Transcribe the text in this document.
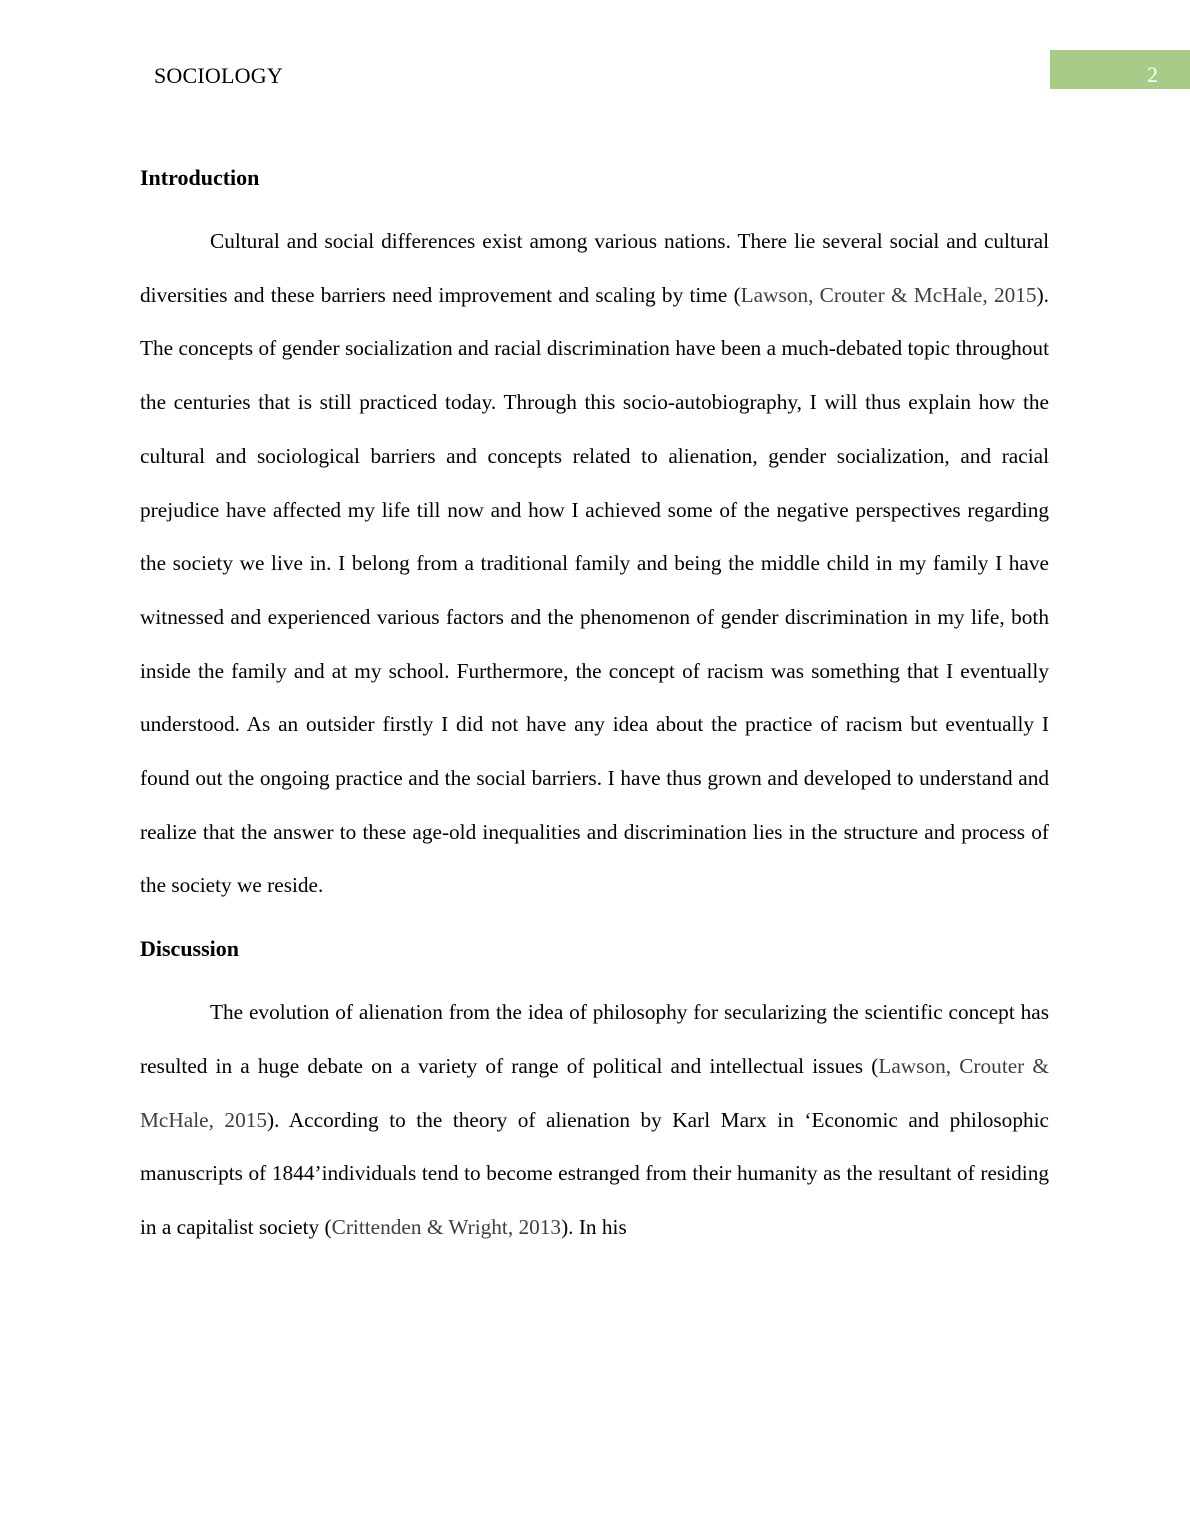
SOCIOLOGY	2
Introduction

Cultural and social differences exist among various nations. There lie several social and cultural diversities and these barriers need improvement and scaling by time (Lawson, Crouter & McHale, 2015). The concepts of gender socialization and racial discrimination have been a much-debated topic throughout the centuries that is still practiced today. Through this socio-autobiography, I will thus explain how the cultural and sociological barriers and concepts related to alienation, gender socialization, and racial prejudice have affected my life till now and how I achieved some of the negative perspectives regarding the society we live in. I belong from a traditional family and being the middle child in my family I have witnessed and experienced various factors and the phenomenon of gender discrimination in my life, both inside the family and at my school. Furthermore, the concept of racism was something that I eventually understood. As an outsider firstly I did not have any idea about the practice of racism but eventually I found out the ongoing practice and the social barriers. I have thus grown and developed to understand and realize that the answer to these age-old inequalities and discrimination lies in the structure and process of the society we reside.

Discussion

The evolution of alienation from the idea of philosophy for secularizing the scientific concept has resulted in a huge debate on a variety of range of political and intellectual issues (Lawson, Crouter & McHale, 2015). According to the theory of alienation by Karl Marx in ‘Economic and philosophic manuscripts of 1844’individuals tend to become estranged from their humanity as the resultant of residing in a capitalist society (Crittenden & Wright, 2013). In his
